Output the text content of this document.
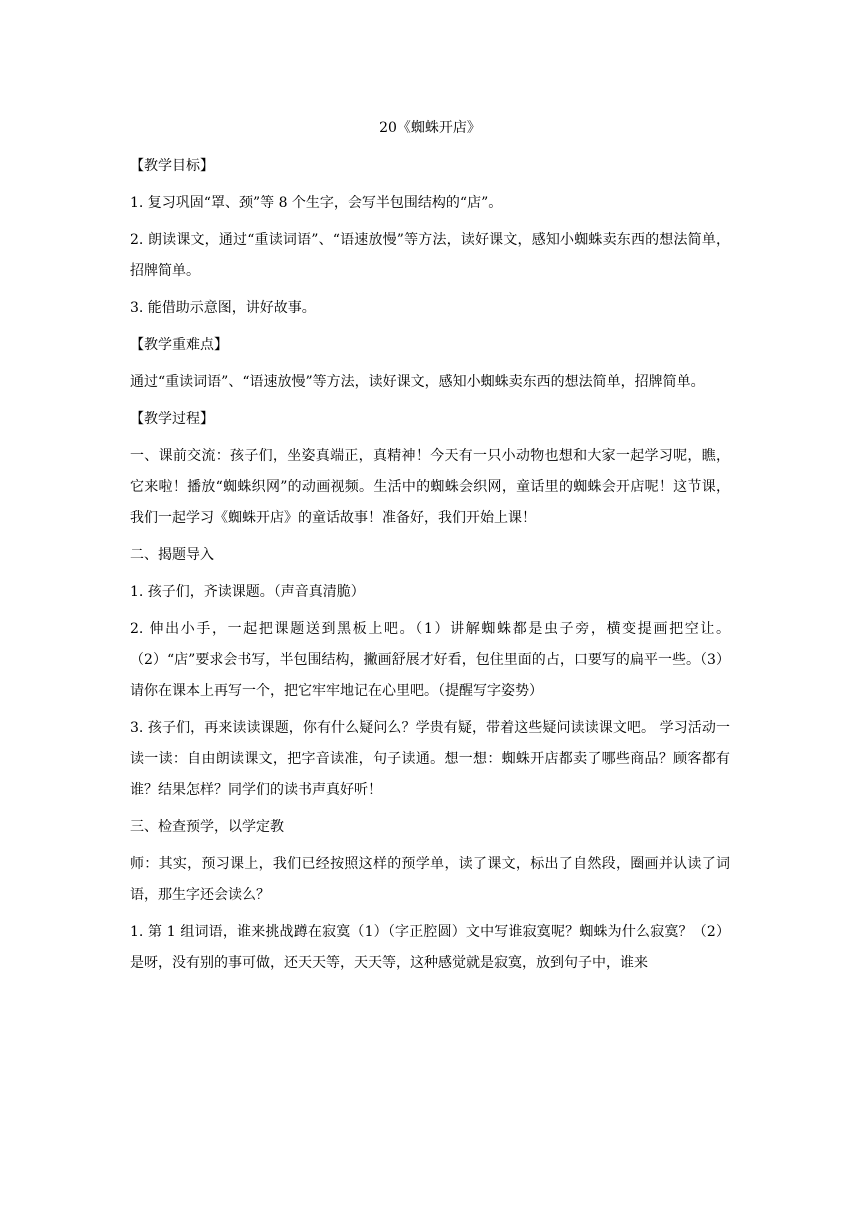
20《蜘蛛开店》
【教学目标】
1. 复习巩固“罩、颈”等 8 个生字，会写半包围结构的“店”。
2. 朗读课文，通过“重读词语”、“语速放慢”等方法，读好课文，感知小蜘蛛卖东西的想法简单，招牌简单。
3. 能借助示意图，讲好故事。
【教学重难点】
通过“重读词语”、“语速放慢”等方法，读好课文，感知小蜘蛛卖东西的想法简单，招牌简单。
【教学过程】
一、课前交流：孩子们，坐姿真端正，真精神！今天有一只小动物也想和大家一起学习呢，瞧，它来啦！播放“蜘蛛织网”的动画视频。生活中的蜘蛛会织网，童话里的蜘蛛会开店呢！这节课，我们一起学习《蜘蛛开店》的童话故事！准备好，我们开始上课！
二、揭题导入
1. 孩子们，齐读课题。（声音真清脆）
2. 伸出小手，一起把课题送到黑板上吧。（1）讲解蜘蛛都是虫子旁，横变提画把空让。（2）“店”要求会书写，半包围结构，撇画舒展才好看，包住里面的占，口要写的扁平一些。（3）请你在课本上再写一个，把它牢牢地记在心里吧。（提醒写字姿势）
3. 孩子们，再来读读课题，你有什么疑问么？学贵有疑，带着这些疑问读读课文吧。 学习活动一读一读：自由朗读课文，把字音读准，句子读通。想一想：蜘蛛开店都卖了哪些商品？顾客都有谁？结果怎样？同学们的读书声真好听！
三、检查预学，以学定教
师：其实，预习课上，我们已经按照这样的预学单，读了课文，标出了自然段，圈画并认读了词语，那生字还会读么？
1. 第 1 组词语，谁来挑战蹲在寂寞（1）（字正腔圆）文中写谁寂寞呢？蜘蛛为什么寂寞？（2）是呀，没有别的事可做，还天天等，天天等，这种感觉就是寂寞，放到句子中，谁来
